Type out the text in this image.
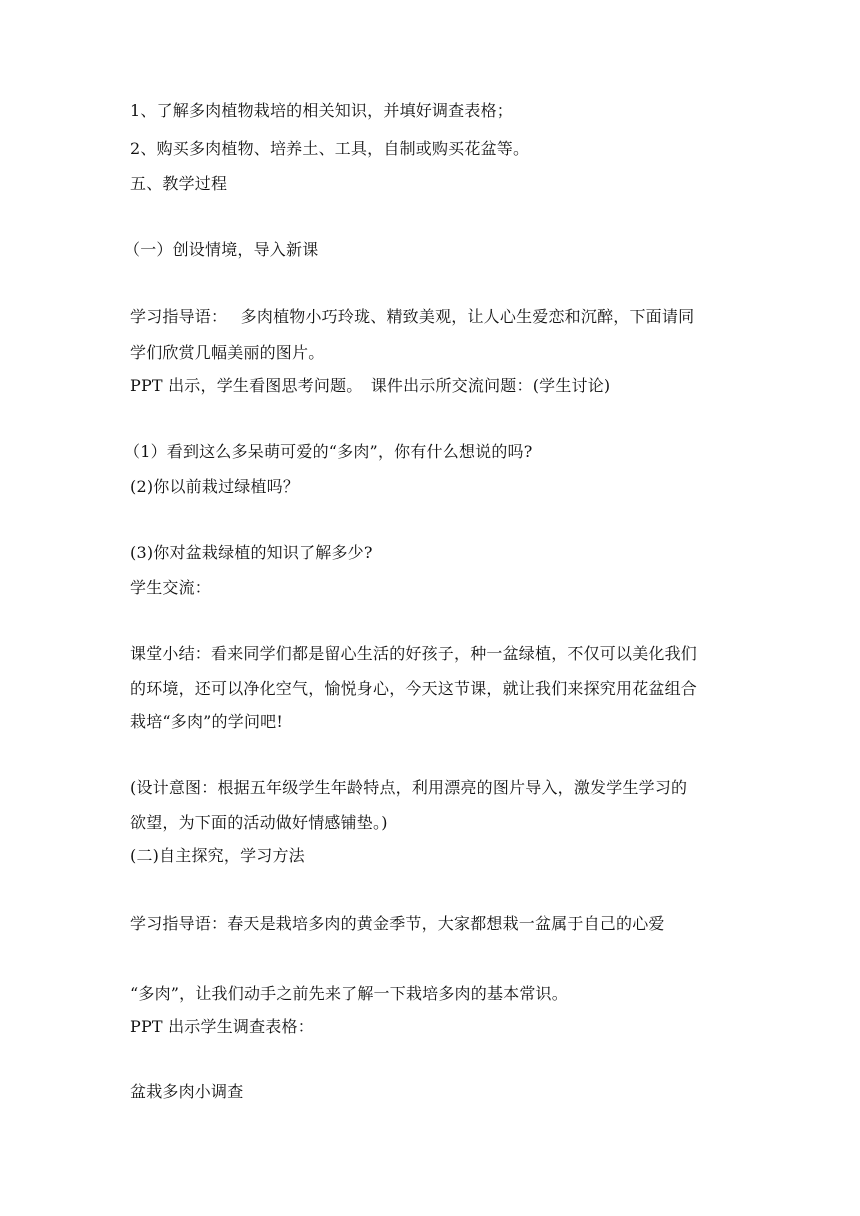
1、了解多肉植物栽培的相关知识，并填好调查表格；
2、购买多肉植物、培养土、工具，自制或购买花盆等。
五、教学过程
（一）创设情境，导入新课
学习指导语：　 多肉植物小巧玲珑、精致美观，让人心生爱恋和沉醉，下面请同
学们欣赏几幅美丽的图片。
PPT 出示，学生看图思考问题。　课件出示所交流问题：(学生讨论)
（1）看到这么多呆萌可爱的“多肉”，你有什么想说的吗?
(2)你以前栽过绿植吗？
(3)你对盆栽绿植的知识了解多少?
学生交流：
课堂小结：看来同学们都是留心生活的好孩子，种一盆绿植，不仅可以美化我们
的环境，还可以净化空气，愉悦身心，今天这节课，就让我们来探究用花盆组合
栽培“多肉”的学问吧!
(设计意图：根据五年级学生年龄特点，利用漂亮的图片导入，激发学生学习的
欲望，为下面的活动做好情感铺垫。)
(二)自主探究，学习方法
学习指导语：春天是栽培多肉的黄金季节，大家都想栽一盆属于自己的心爱
“多肉”，让我们动手之前先来了解一下栽培多肉的基本常识。
PPT 出示学生调查表格：
盆栽多肉小调查
